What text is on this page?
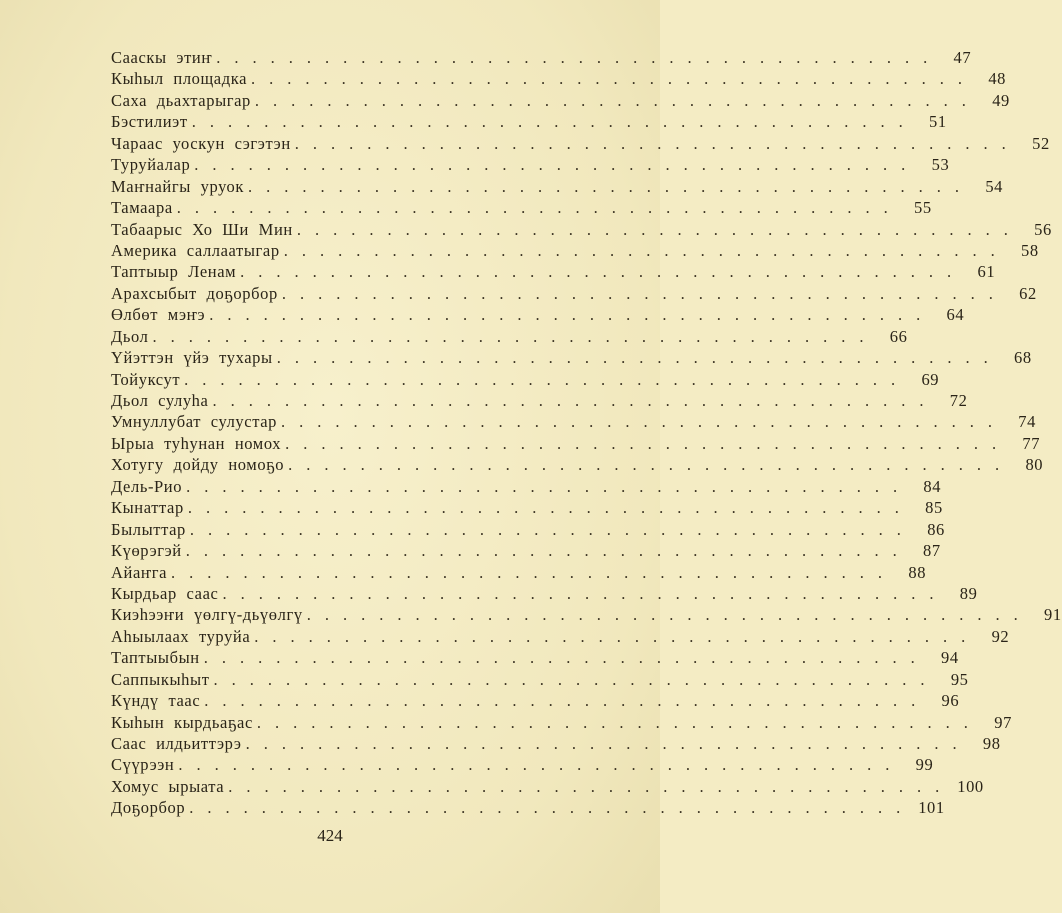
Сааскы этиҥ ........................................ 47
Кыһыл площадка ........................................ 48
Саха дьахтарыгар ........................................ 49
Бэстилиэт ........................................ 51
Чараас уоскун сэгэтэн ........................................ 52
Туруйалар ........................................ 53
Маҥнайгы уруок ........................................ 54
Тамаара ........................................ 55
Табаарыс Хо Ши Мин ........................................ 56
Америка саллаатыгар ........................................ 58
Таптыыр Ленам ........................................ 61
Арахсыбыт доҕорбор ........................................ 62
Өлбөт мэҥэ ........................................ 64
Дьол ........................................ 66
Үйэттэн үйэ тухары ........................................ 68
Тойуксут ........................................ 69
Дьол сулуһа ........................................ 72
Умнуллубат сулустар ........................................ 74
Ырыа туһунан номох ........................................ 77
Хотугу дойду номоҕо ........................................ 80
Дель-Рио ........................................ 84
Кынаттар ........................................ 85
Былыттар ........................................ 86
Күөрэгэй ........................................ 87
Айаҥга ........................................ 88
Кырдьар саас ........................................ 89
Киэһээҥи үөлгү-дьүөлгү ........................................ 91
Аһыылаах туруйа ........................................ 92
Таптыыбын ........................................ 94
Саппыкыһыт ........................................ 95
Күндү таас ........................................ 96
Кыһын кырдьаҕас ........................................ 97
Саас илдьиттэрэ ........................................ 98
Сүүрээн ........................................ 99
Хомус ырыата ........................................ 100
Доҕорбор ........................................ 101
424
